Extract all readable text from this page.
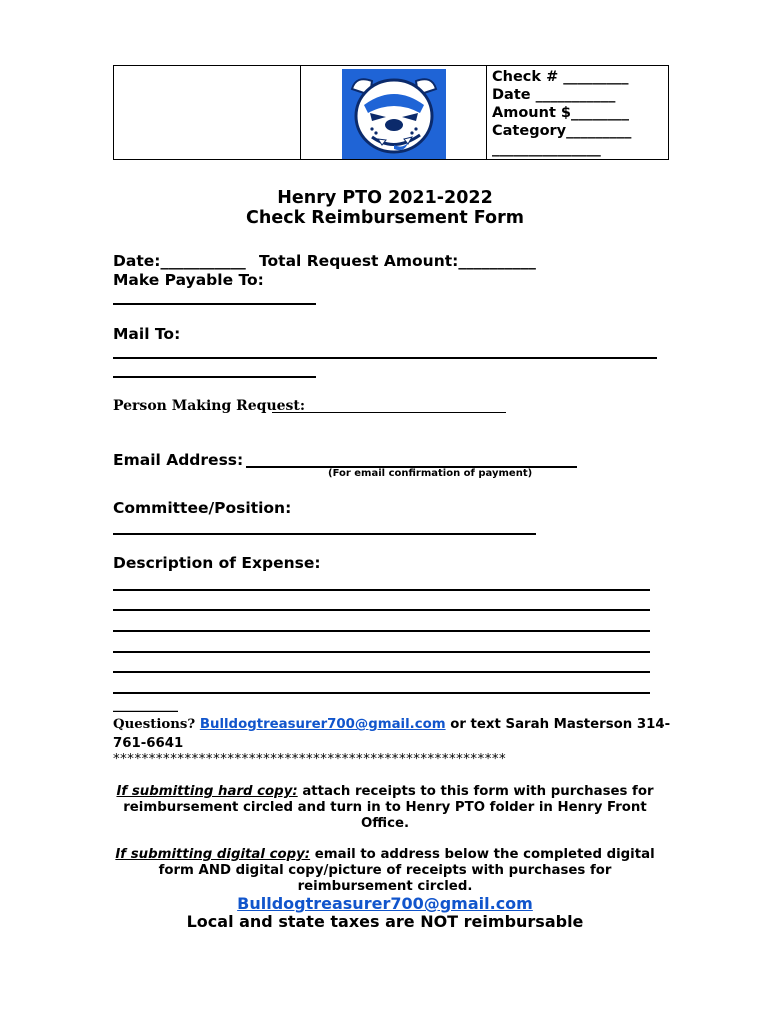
Check # _________
Date ___________
Amount $________
Category_________
_______________
Henry PTO 2021-2022
Check Reimbursement Form
Date:___________ Total Request Amount:__________
Make Payable To:
Mail To:
Person Making Request:
Email Address:
(For email confirmation of payment)
Committee/Position:
Description of Expense:
__________
Questions? Bulldogtreasurer700@gmail.com or text Sarah Masterson 314-
761-6641
*******************************************************
If submitting hard copy: attach receipts to this form with purchases for
reimbursement circled and turn in to Henry PTO folder in Henry Front
Office.
If submitting digital copy: email to address below the completed digital
form AND digital copy/picture of receipts with purchases for
reimbursement circled.
Bulldogtreasurer700@gmail.com
Local and state taxes are NOT reimbursable
